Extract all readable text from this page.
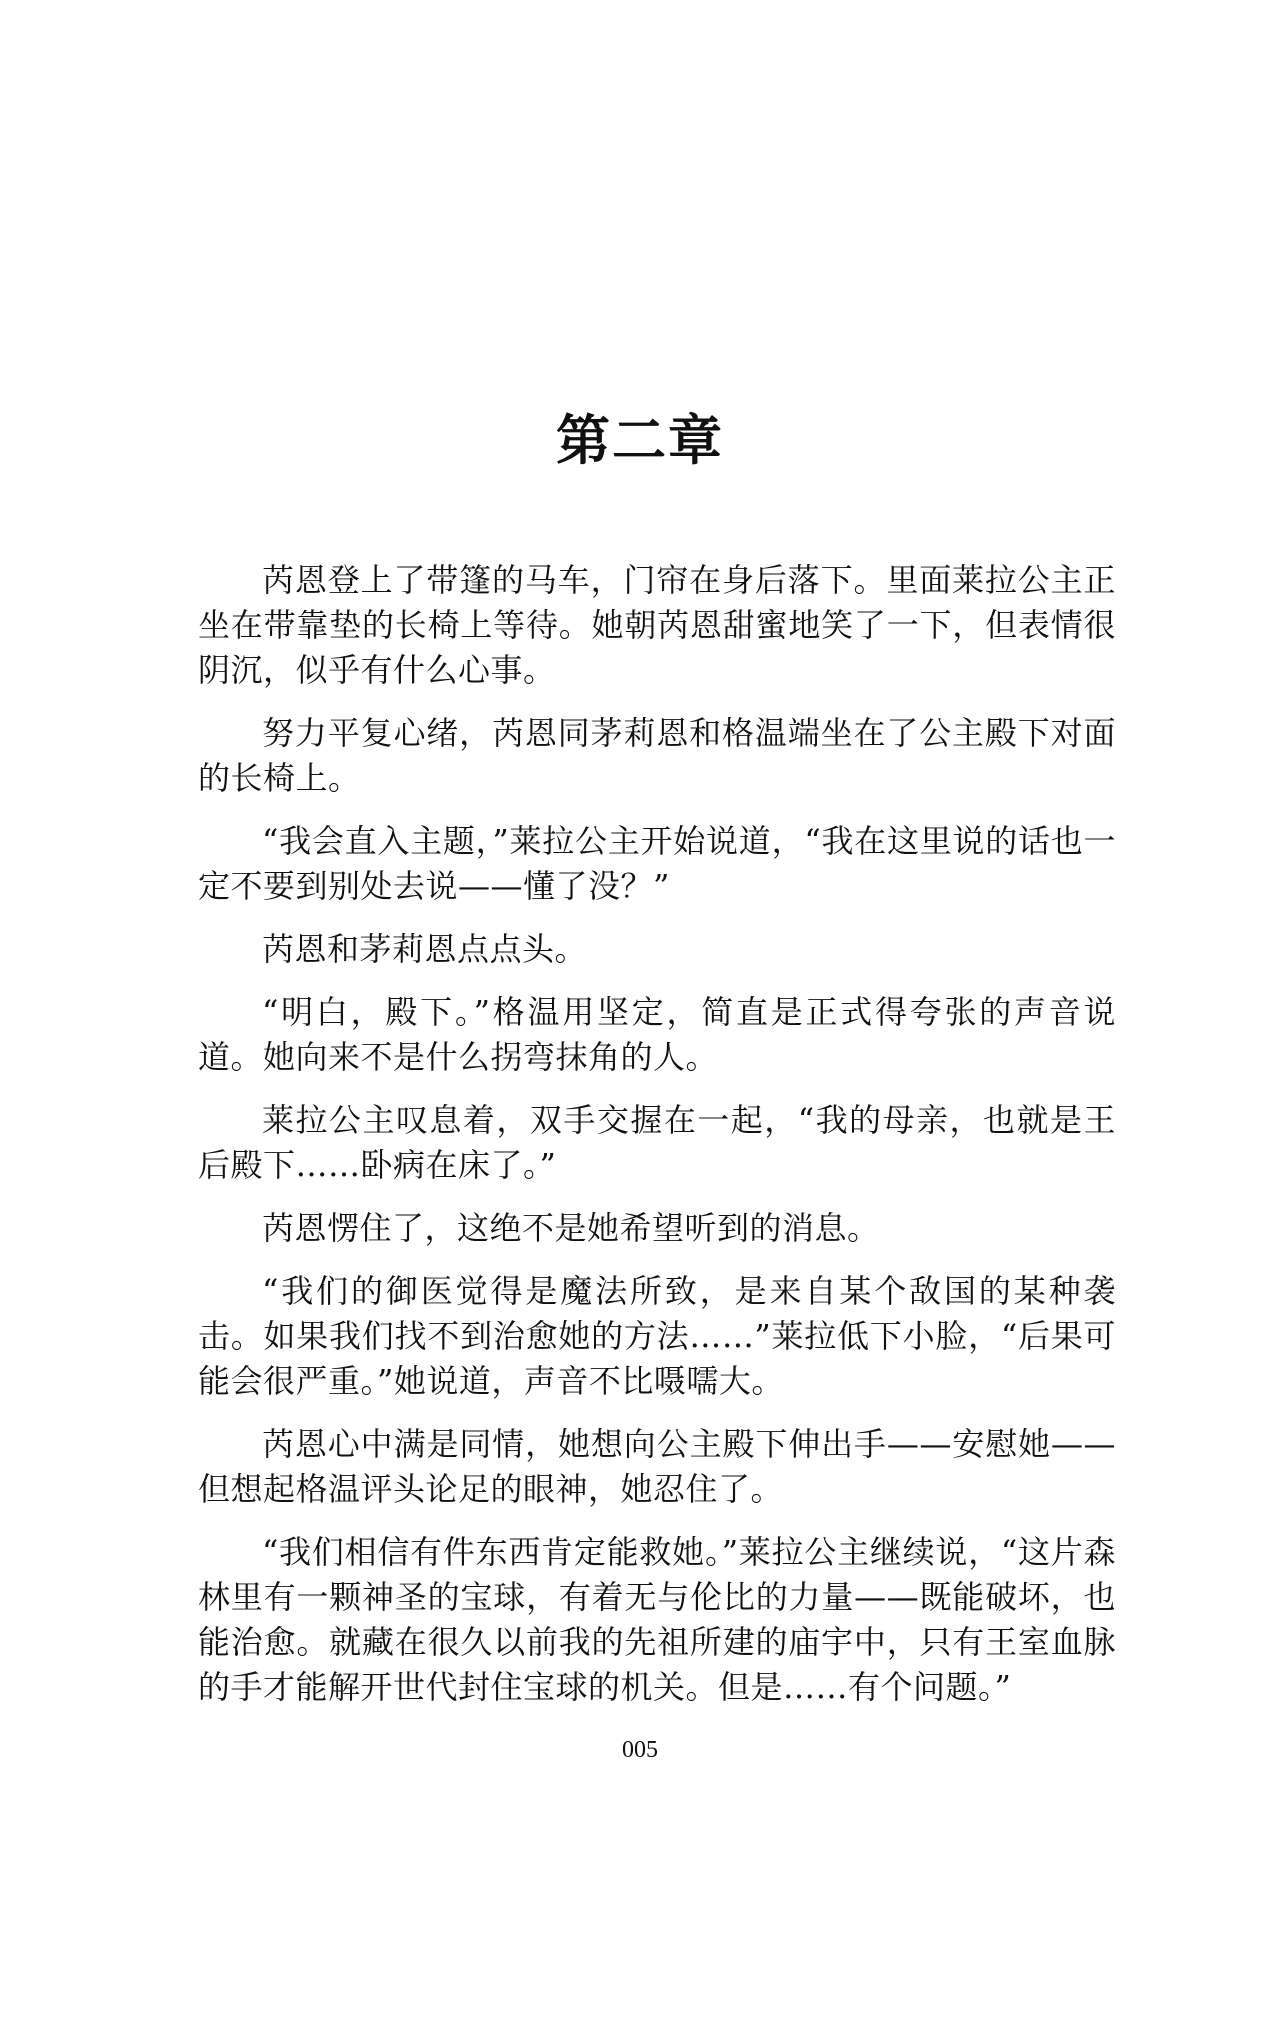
第二章

芮恩登上了带篷的马车，门帘在身后落下。里面莱拉公主正坐在带靠垫的长椅上等待。她朝芮恩甜蜜地笑了一下，但表情很阴沉，似乎有什么心事。

努力平复心绪，芮恩同茅莉恩和格温端坐在了公主殿下对面的长椅上。

“我会直入主题，”莱拉公主开始说道，“我在这里说的话也一定不要到别处去说——懂了没？”

芮恩和茅莉恩点点头。

“明白，殿下。”格温用坚定，简直是正式得夸张的声音说道。她向来不是什么拐弯抹角的人。

莱拉公主叹息着，双手交握在一起，“我的母亲，也就是王后殿下……卧病在床了。”

芮恩愣住了，这绝不是她希望听到的消息。

“我们的御医觉得是魔法所致，是来自某个敌国的某种袭击。如果我们找不到治愈她的方法……”莱拉低下小脸，“后果可能会很严重。”她说道，声音不比嗫嚅大。

芮恩心中满是同情，她想向公主殿下伸出手——安慰她——但想起格温评头论足的眼神，她忍住了。

“我们相信有件东西肯定能救她。”莱拉公主继续说，“这片森林里有一颗神圣的宝球，有着无与伦比的力量——既能破坏，也能治愈。就藏在很久以前我的先祖所建的庙宇中，只有王室血脉的手才能解开世代封住宝球的机关。但是……有个问题。”

005
